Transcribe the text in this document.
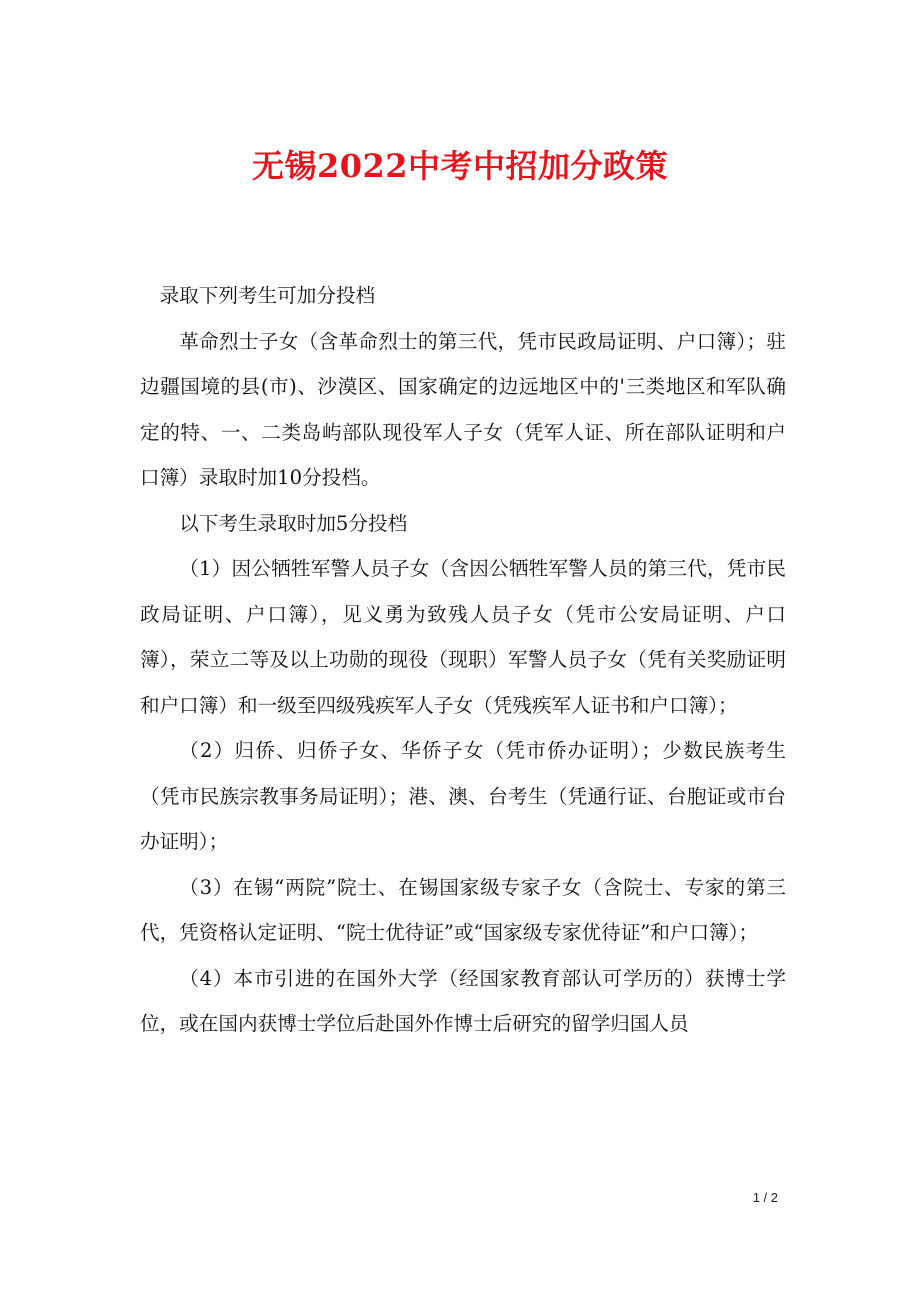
无锡2022中考中招加分政策

录取下列考生可加分投档

革命烈士子女（含革命烈士的第三代，凭市民政局证明、户口簿）；驻边疆国境的县(市)、沙漠区、国家确定的边远地区中的'三类地区和军队确定的特、一、二类岛屿部队现役军人子女（凭军人证、所在部队证明和户口簿）录取时加10分投档。

以下考生录取时加5分投档

（1）因公牺牲军警人员子女（含因公牺牲军警人员的第三代，凭市民政局证明、户口簿），见义勇为致残人员子女（凭市公安局证明、户口簿），荣立二等及以上功勋的现役（现职）军警人员子女（凭有关奖励证明和户口簿）和一级至四级残疾军人子女（凭残疾军人证书和户口簿）；

（2）归侨、归侨子女、华侨子女（凭市侨办证明）；少数民族考生（凭市民族宗教事务局证明）；港、澳、台考生（凭通行证、台胞证或市台办证明）；

（3）在锡“两院”院士、在锡国家级专家子女（含院士、专家的第三代，凭资格认定证明、“院士优待证”或“国家级专家优待证”和户口簿）；

（4）本市引进的在国外大学（经国家教育部认可学历的）获博士学位，或在国内获博士学位后赴国外作博士后研究的留学归国人员

1 / 2
